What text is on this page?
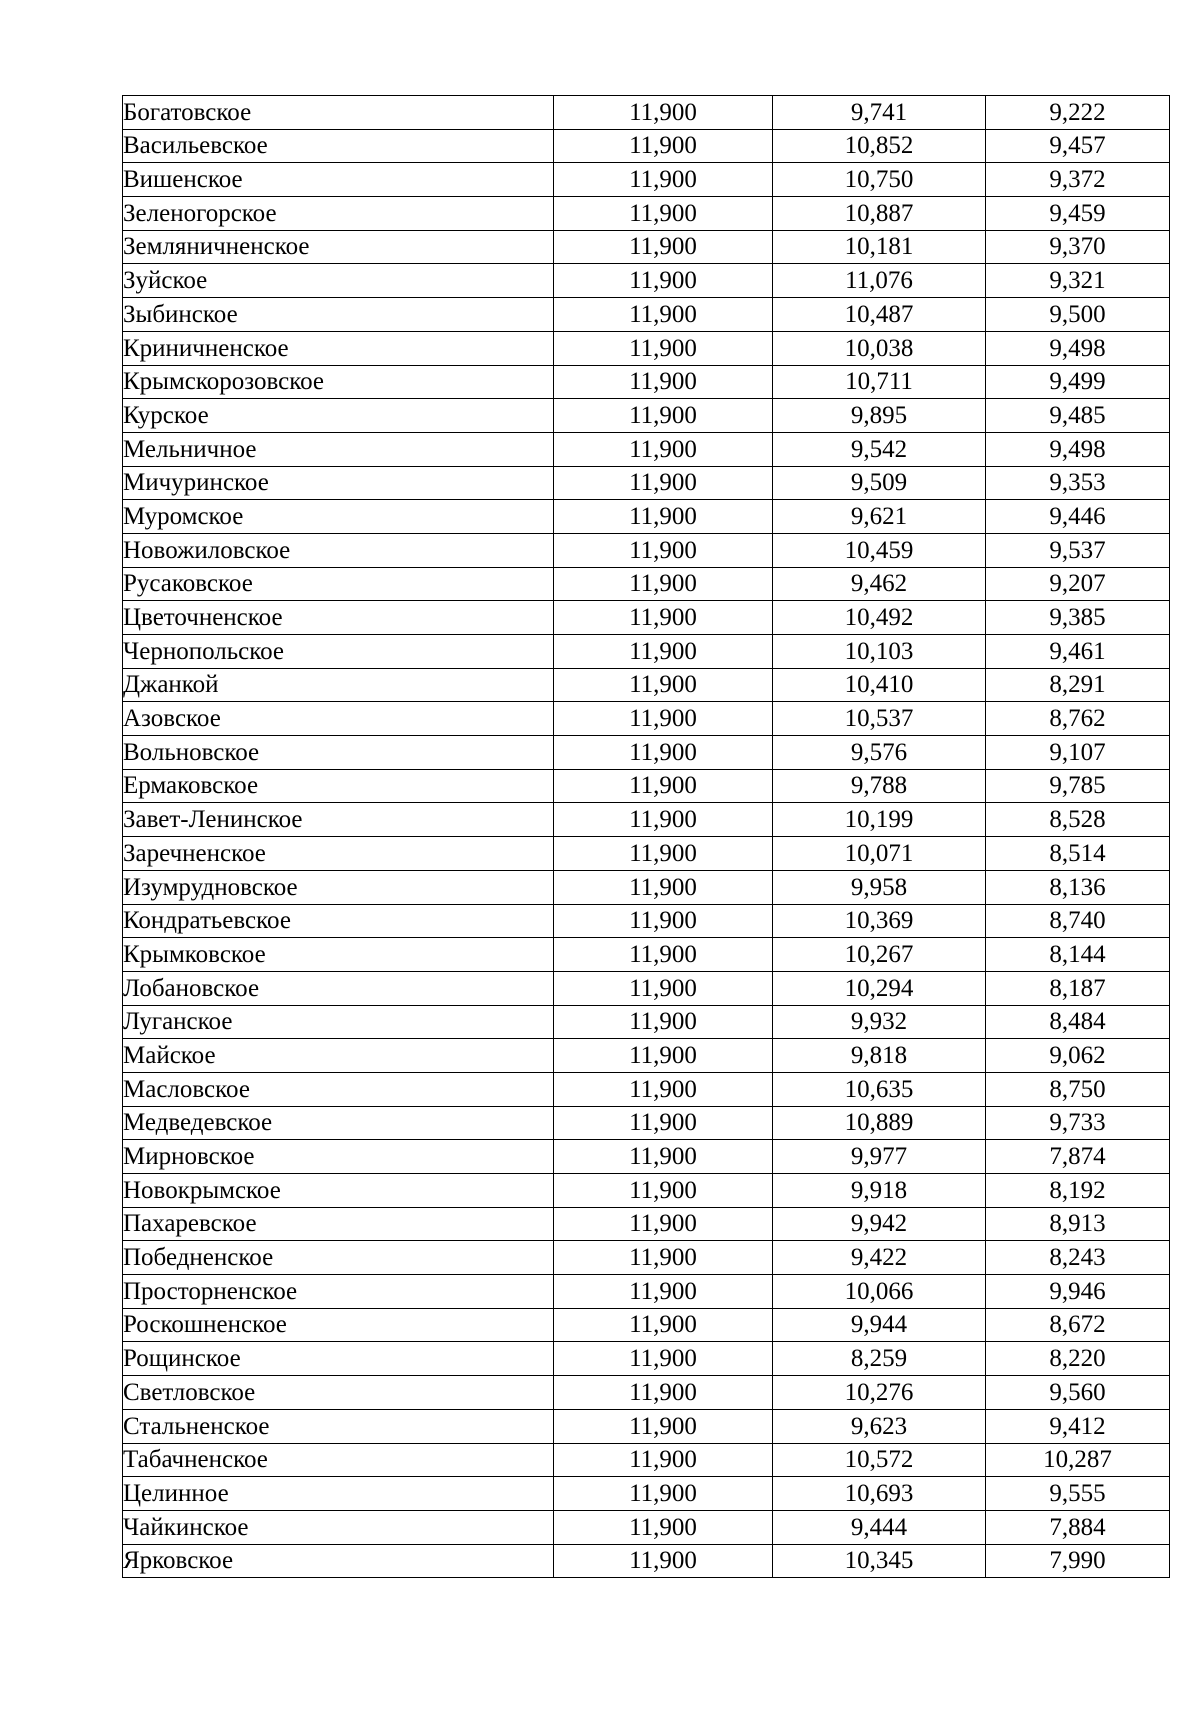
Богатовское	11,900	9,741	9,222
Васильевское	11,900	10,852	9,457
Вишенское	11,900	10,750	9,372
Зеленогорское	11,900	10,887	9,459
Земляничненское	11,900	10,181	9,370
Зуйское	11,900	11,076	9,321
Зыбинское	11,900	10,487	9,500
Криничненское	11,900	10,038	9,498
Крымскорозовское	11,900	10,711	9,499
Курское	11,900	9,895	9,485
Мельничное	11,900	9,542	9,498
Мичуринское	11,900	9,509	9,353
Муромское	11,900	9,621	9,446
Новожиловское	11,900	10,459	9,537
Русаковское	11,900	9,462	9,207
Цветочненское	11,900	10,492	9,385
Чернопольское	11,900	10,103	9,461
Джанкой	11,900	10,410	8,291
Азовское	11,900	10,537	8,762
Вольновское	11,900	9,576	9,107
Ермаковское	11,900	9,788	9,785
Завет-Ленинское	11,900	10,199	8,528
Заречненское	11,900	10,071	8,514
Изумрудновское	11,900	9,958	8,136
Кондратьевское	11,900	10,369	8,740
Крымковское	11,900	10,267	8,144
Лобановское	11,900	10,294	8,187
Луганское	11,900	9,932	8,484
Майское	11,900	9,818	9,062
Масловское	11,900	10,635	8,750
Медведевское	11,900	10,889	9,733
Мирновское	11,900	9,977	7,874
Новокрымское	11,900	9,918	8,192
Пахаревское	11,900	9,942	8,913
Победненское	11,900	9,422	8,243
Просторненское	11,900	10,066	9,946
Роскошненское	11,900	9,944	8,672
Рощинское	11,900	8,259	8,220
Светловское	11,900	10,276	9,560
Стальненское	11,900	9,623	9,412
Табачненское	11,900	10,572	10,287
Целинное	11,900	10,693	9,555
Чайкинское	11,900	9,444	7,884
Ярковское	11,900	10,345	7,990
